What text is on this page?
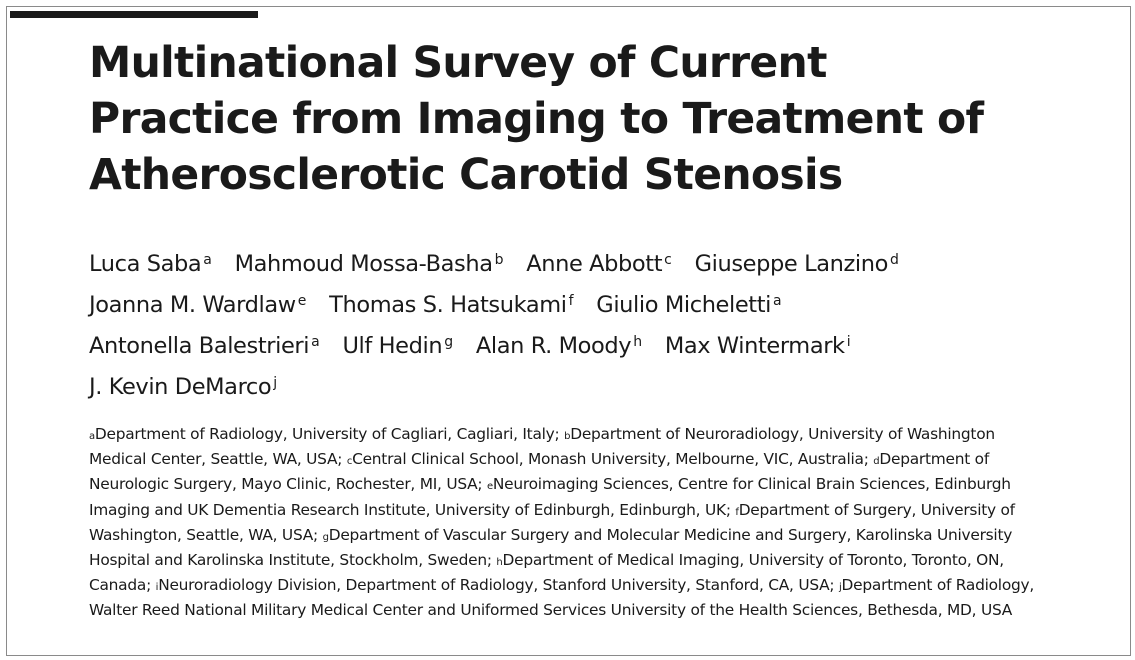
Multinational Survey of Current
Practice from Imaging to Treatment of
Atherosclerotic Carotid Stenosis
Luca Saba $^a$ Mahmoud Mossa-Basha $^b$ Anne Abbott $^c$ Giuseppe Lanzino $^d$
Joanna M. Wardlaw $^e$ Thomas S. Hatsukami $^f$ Giulio Micheletti $^a$
Antonella Balestrieri $^a$ Ulf Hedin $^g$ Alan R. Moody $^h$ Max Wintermark $^i$
J. Kevin DeMarco $^j$
$^a$Department of Radiology, University of Cagliari, Cagliari, Italy; $^b$Department of Neuroradiology, University of Washington Medical Center, Seattle, WA, USA; $^c$Central Clinical School, Monash University, Melbourne, VIC, Australia; $^d$Department of Neurologic Surgery, Mayo Clinic, Rochester, MI, USA; $^e$Neuroimaging Sciences, Centre for Clinical Brain Sciences, Edinburgh Imaging and UK Dementia Research Institute, University of Edinburgh, Edinburgh, UK; $^f$Department of Surgery, University of Washington, Seattle, WA, USA; $^g$Department of Vascular Surgery and Molecular Medicine and Surgery, Karolinska University Hospital and Karolinska Institute, Stockholm, Sweden; $^h$Department of Medical Imaging, University of Toronto, Toronto, ON, Canada; $^i$Neuroradiology Division, Department of Radiology, Stanford University, Stanford, CA, USA; $^j$Department of Radiology, Walter Reed National Military Medical Center and Uniformed Services University of the Health Sciences, Bethesda, MD, USA
